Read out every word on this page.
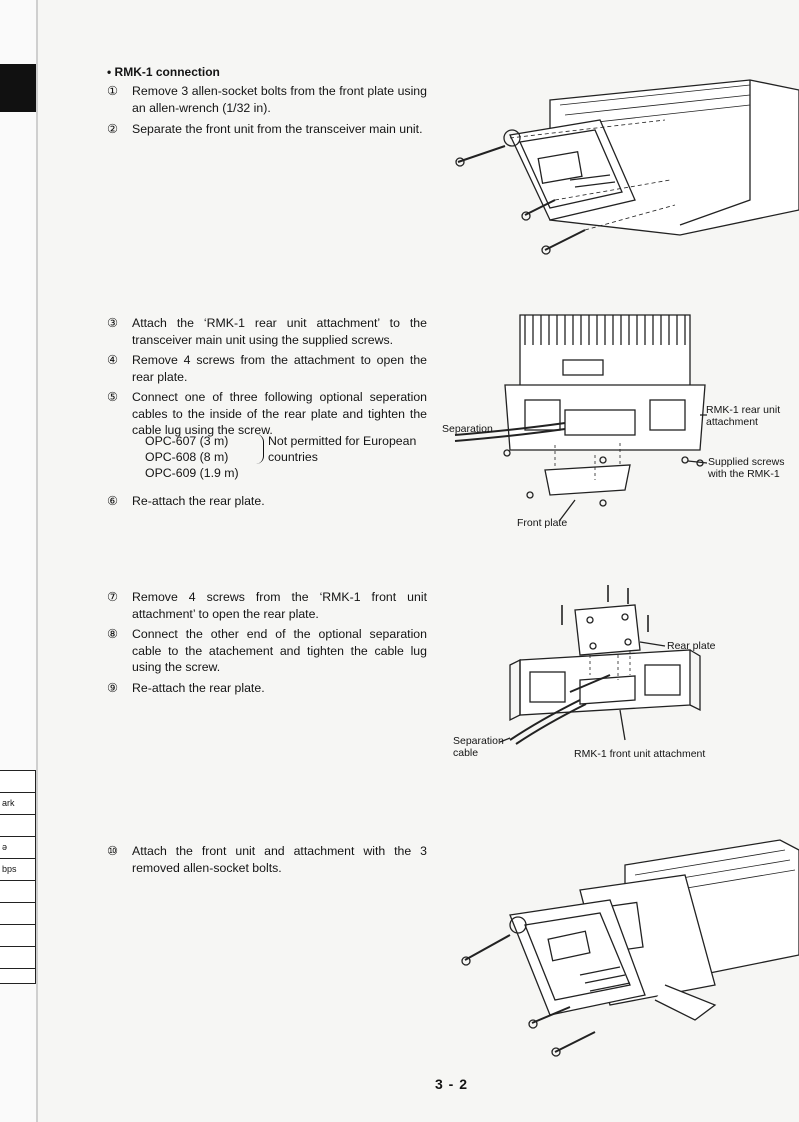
ark
ə
bps
• RMK-1 connection
① Remove 3 allen-socket bolts from the front plate using an allen-wrench (1/32 in).
② Separate the front unit from the transceiver main unit.
③ Attach the ‘RMK-1 rear unit attachment’ to the transceiver main unit using the supplied screws.
④ Remove 4 screws from the attachment to open the rear plate.
⑤ Connect one of three following optional seperation cables to the inside of the rear plate and tighten the cable lug using the screw.
OPC-607 (3 m)
OPC-608 (8 m)
OPC-609 (1.9 m)
Not permitted for European countries
⑥ Re-attach the rear plate.
⑦ Remove 4 screws from the ‘RMK-1 front unit attachment’ to open the rear plate.
⑧ Connect the other end of the optional separation cable to the atachement and tighten the cable lug using the screw.
⑨ Re-attach the rear plate.
⑩ Attach the front unit and attachment with the 3 removed allen-socket bolts.
RMK-1 rear unit attachment
Separation
Supplied screws with the RMK-1
Front plate
Rear plate
Separation cable	RMK-1 front unit attachment
3 - 2
